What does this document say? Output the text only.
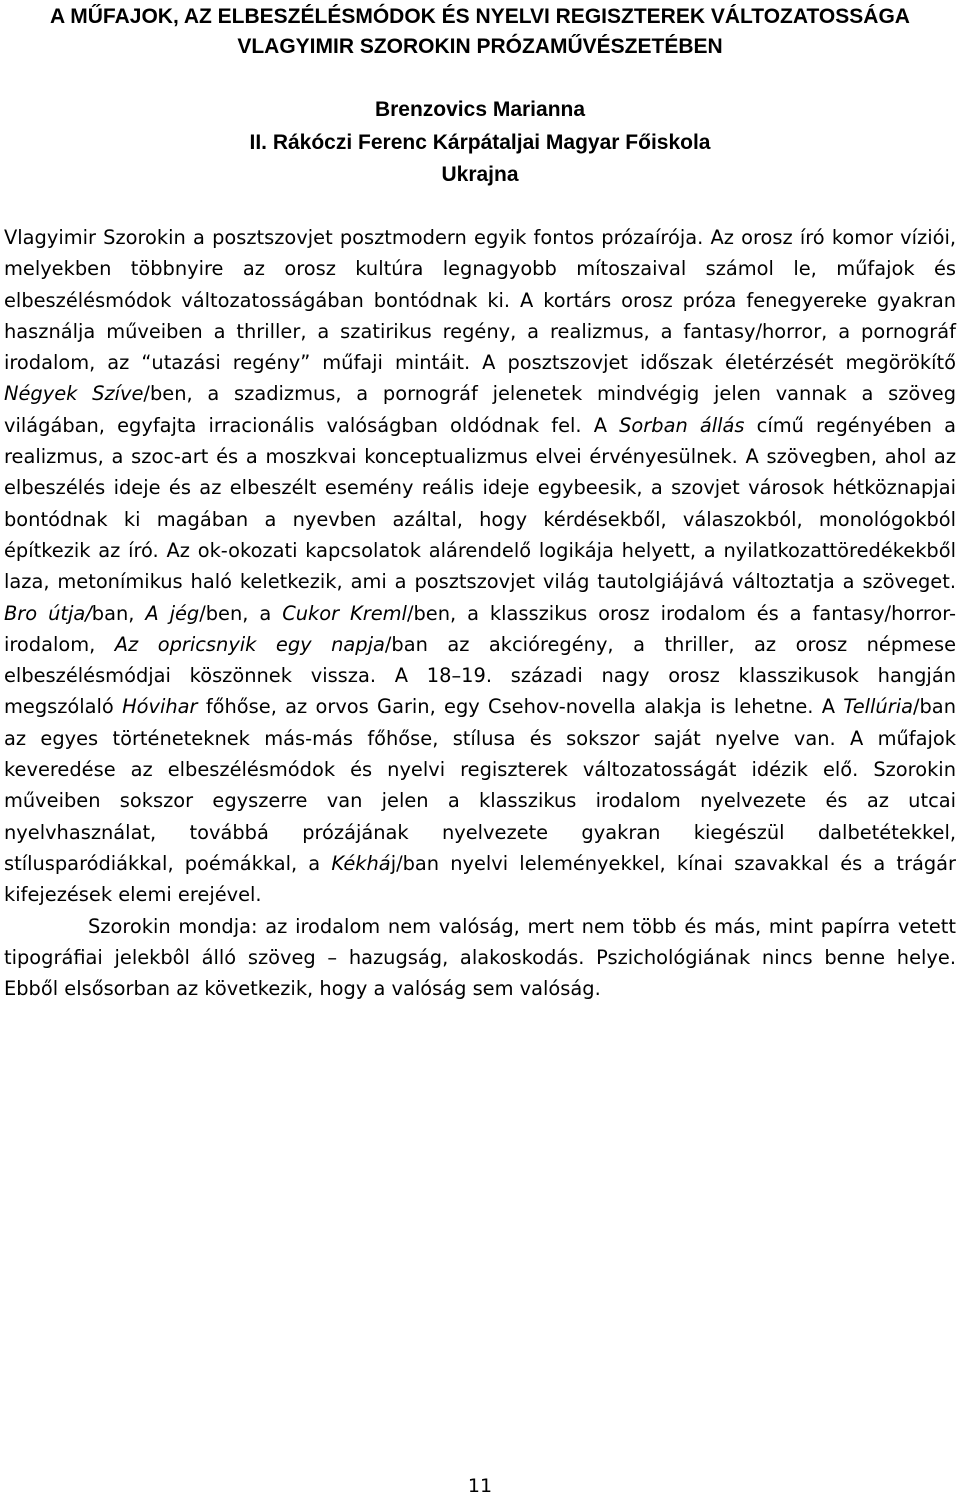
A MŰFAJOK, AZ ELBESZÉLÉSMÓDOK ÉS NYELVI REGISZTEREK VÁLTOZATOSSÁGA
VLAGYIMIR SZOROKIN PRÓZAMŰVÉSZETÉBEN
Brenzovics Marianna
II. Rákóczi Ferenc Kárpátaljai Magyar Főiskola
Ukrajna

Vlagyimir Szorokin a posztszovjet posztmodern egyik fontos prózaírója. Az orosz író komor víziói, melyekben többnyire az orosz kultúra legnagyobb mítoszaival számol le, műfajok és elbeszélésmódok változatosságában bontódnak ki. A kortárs orosz próza fenegyereke gyakran használja műveiben a thriller, a szatirikus regény, a realizmus, a fantasy/horror, a pornográf irodalom, az “utazási regény” műfaji mintáit. A posztszovjet időszak életérzését megörökítő Négyek Szíve/ben, a szadizmus, a pornográf jelenetek mindvégig jelen vannak a szöveg világában, egyfajta irracionális valóságban oldódnak fel. A Sorban állás című regényében a realizmus, a szoc-art és a moszkvai konceptualizmus elvei érvényesülnek. A szövegben, ahol az elbeszélés ideje és az elbeszélt esemény reális ideje egybeesik, a szovjet városok hétköznapjai bontódnak ki magában a nyevben azáltal, hogy kérdésekből, válaszokból, monológokból építkezik az író. Az ok-okozati kapcsolatok alárendelő logikája helyett, a nyilatkozattöredékekből laza, metonímikus haló keletkezik, ami a posztszovjet világ tautolgiájává változtatja a szöveget. Bro útja/ban, A jég/ben, a Cukor Kreml/ben, a klasszikus orosz irodalom és a fantasy/horror-irodalom, Az opricsnyik egy napja/ban az akcióregény, a thriller, az orosz népmese elbeszélésmódjai köszönnek vissza. A 18–19. századi nagy orosz klasszikusok hangján megszólaló Hóvihar főhőse, az orvos Garin, egy Csehov-novella alakja is lehetne. A Tellúria/ban az egyes történeteknek más-más főhőse, stílusa és sokszor saját nyelve van. A műfajok keveredése az elbeszélésmódok és nyelvi regiszterek változatosságát idézik elő. Szorokin műveiben sokszor egyszerre van jelen a klasszikus irodalom nyelvezete és az utcai nyelvhasználat, továbbá prózájának nyelvezete gyakran kiegészül dalbetétekkel, stílusparódiákkal, poémákkal, a Kékháj/ban nyelvi leleményekkel, kínai szavakkal és a trágár kifejezések elemi erejével.

Szorokin mondja: az irodalom nem valóság, mert nem több és más, mint papírra vetett tipográfiai jelekbôl álló szöveg – hazugság, alakoskodás. Pszichológiának nincs benne helye. Ebből elsősorban az következik, hogy a valóság sem valóság.

11
